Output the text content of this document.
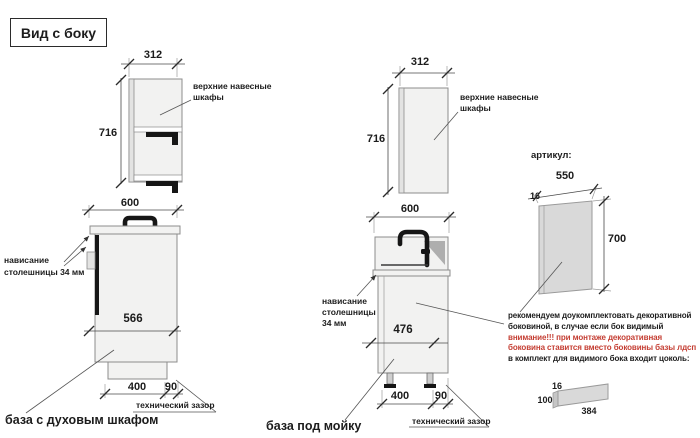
Вид с боку
312
716
верхние навесные
шкафы
600
566
400 90
технический зазор
нависание
столешницы 34 мм
база с духовым шкафом
312
716
верхние навесные
шкафы
600
476
400 90
технический зазор
нависание
столешницы
34 мм
база под мойку
артикул:
550
16
700
рекомендуем доукомплектовать декоративной
боковиной, в случае если бок видимый
внимание!!! при монтаже декоративная
боковина ставится вместо боковины базы лдсп
в комплект для видимого бока входит цоколь:
16
100
384
